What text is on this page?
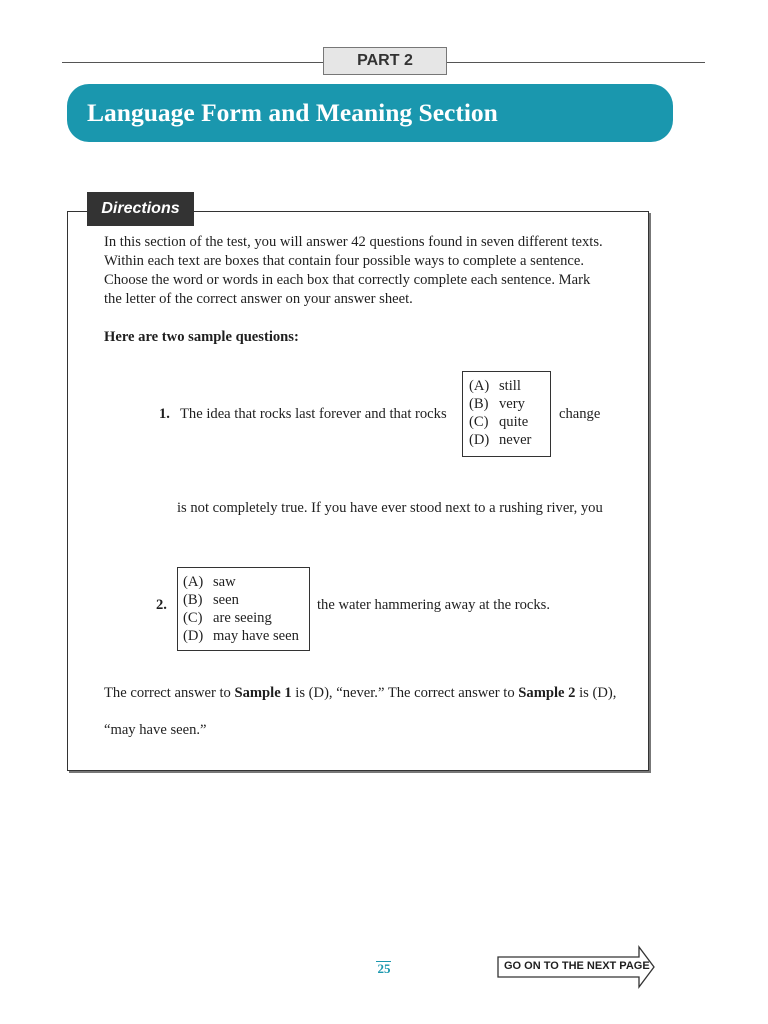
PART 2
Language Form and Meaning Section
Directions

In this section of the test, you will answer 42 questions found in seven different texts.
Within each text are boxes that contain four possible ways to complete a sentence.
Choose the word or words in each box that correctly complete each sentence. Mark
the letter of the correct answer on your answer sheet.

Here are two sample questions:
1. The idea that rocks last forever and that rocks
(A) still
(B) very
(C) quite
(D) never
change
is not completely true. If you have ever stood next to a rushing river, you
2.
(A) saw
(B) seen
(C) are seeing
(D) may have seen
the water hammering away at the rocks.
The correct answer to Sample 1 is (D), “never.” The correct answer to Sample 2 is (D),
“may have seen.”
25	GO ON TO THE NEXT PAGE
